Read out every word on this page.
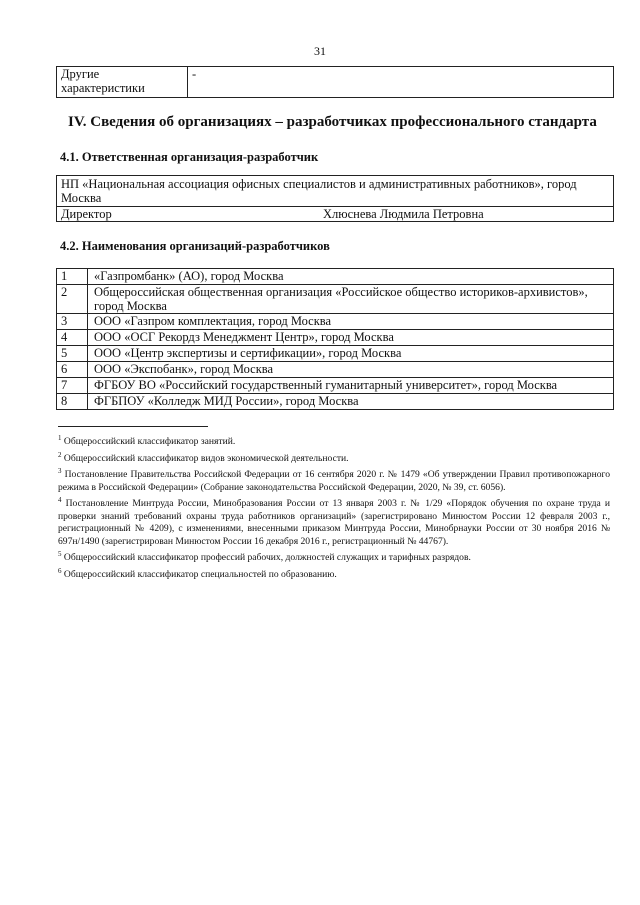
31
Другие характеристики	-
IV. Сведения об организациях – разработчиках профессионального стандарта
4.1. Ответственная организация-разработчик
НП «Национальная ассоциация офисных специалистов и административных работников», город Москва
Директор	Хлюснева Людмила Петровна
4.2. Наименования организаций-разработчиков
1	«Газпромбанк» (АО), город Москва
2	Общероссийская общественная организация «Российское общество историков-архивистов», город Москва
3	ООО «Газпром комплектация, город Москва
4	ООО «ОСГ Рекордз Менеджмент Центр», город Москва
5	ООО «Центр экспертизы и сертификации», город Москва
6	ООО «Экспобанк», город Москва
7	ФГБОУ ВО «Российский государственный гуманитарный университет», город Москва
8	ФГБПОУ «Колледж МИД России», город Москва

$^1$ Общероссийский классификатор занятий.

$^2$ Общероссийский классификатор видов экономической деятельности.

$^3$ Постановление Правительства Российской Федерации от 16 сентября 2020 г. № 1479 «Об утверждении Правил противопожарного режима в Российской Федерации» (Собрание законодательства Российской Федерации, 2020, № 39, ст. 6056).

$^4$ Постановление Минтруда России, Минобразования России от 13 января 2003 г. № 1/29 «Порядок обучения по охране труда и проверки знаний требований охраны труда работников организаций» (зарегистрировано Минюстом России 12 февраля 2003 г., регистрационный № 4209), с изменениями, внесенными приказом Минтруда России, Минобрнауки России от 30 ноября 2016 № 697н/1490 (зарегистрирован Минюстом России 16 декабря 2016 г., регистрационный № 44767).

$^5$ Общероссийский классификатор профессий рабочих, должностей служащих и тарифных разрядов.

$^6$ Общероссийский классификатор специальностей по образованию.
